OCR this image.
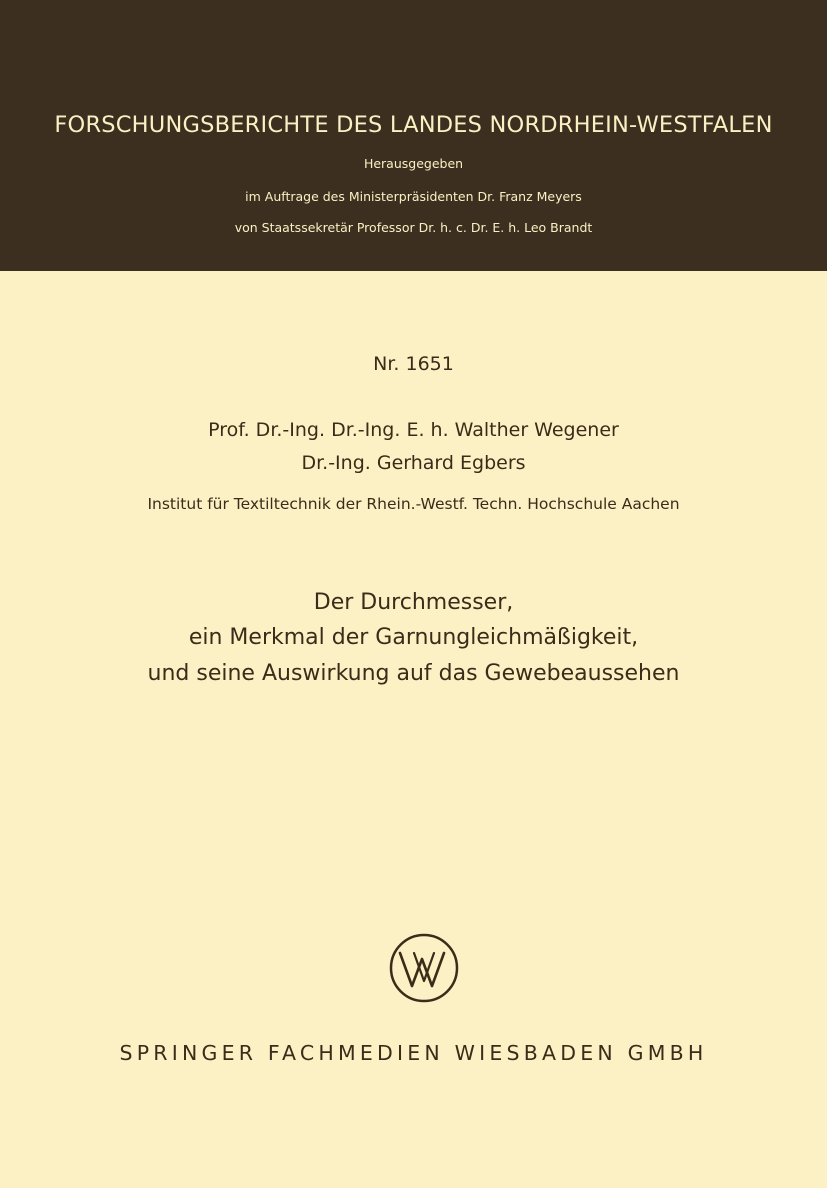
FORSCHUNGSBERICHTE DES LANDES NORDRHEIN-WESTFALEN
Herausgegeben
im Auftrage des Ministerpräsidenten Dr. Franz Meyers
von Staatssekretär Professor Dr. h. c. Dr. E. h. Leo Brandt
Nr. 1651
Prof. Dr.-Ing. Dr.-Ing. E. h. Walther Wegener
Dr.-Ing. Gerhard Egbers
Institut für Textiltechnik der Rhein.-Westf. Techn. Hochschule Aachen
Der Durchmesser,
ein Merkmal der Garnungleichmäßigkeit,
und seine Auswirkung auf das Gewebeaussehen
SPRINGER FACHMEDIEN WIESBADEN GMBH
